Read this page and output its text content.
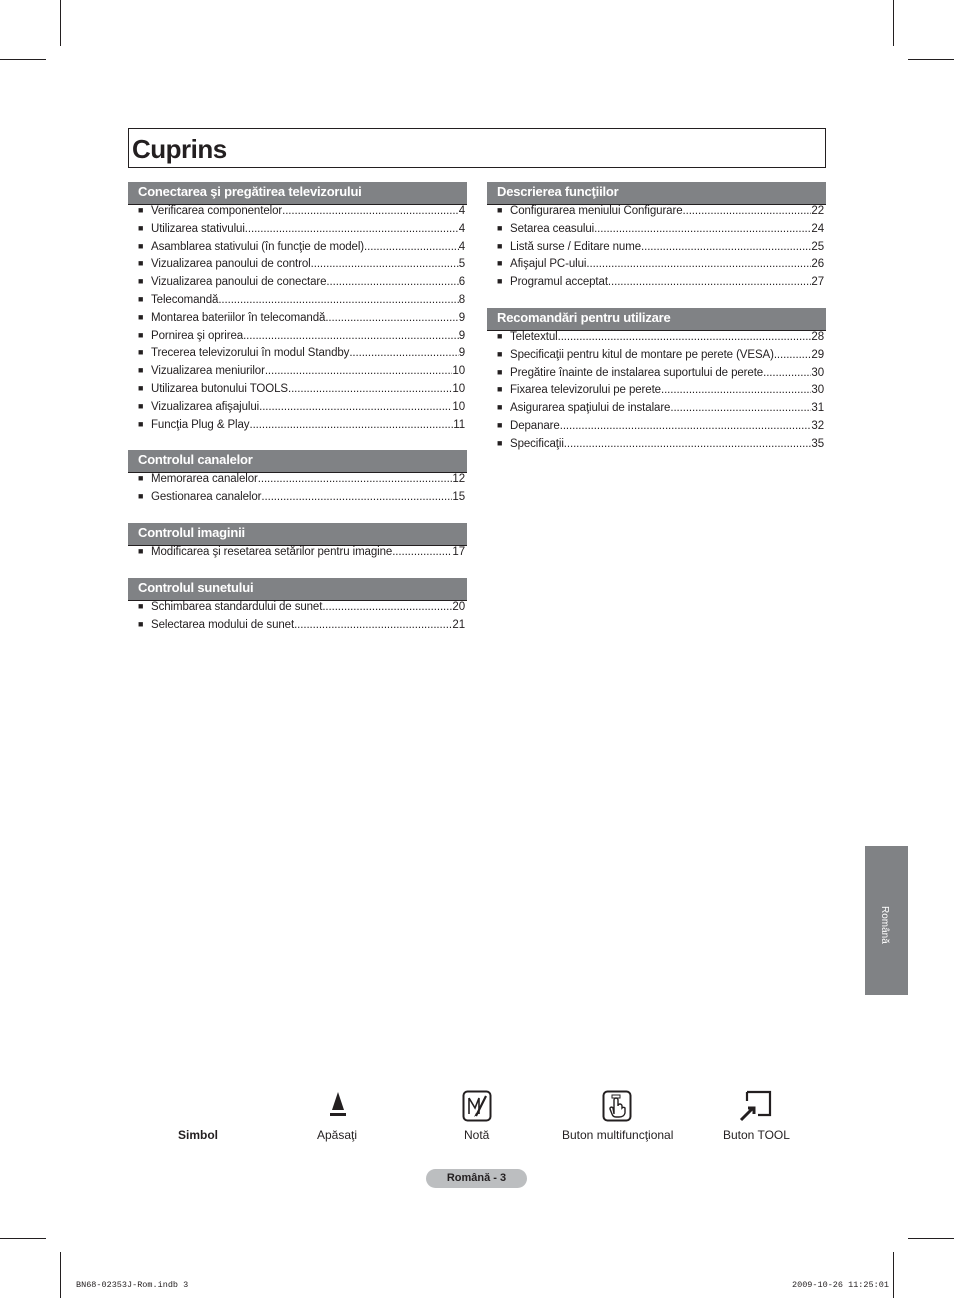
Cuprins
Conectarea şi pregătirea televizorului
■ Verificarea componentelor .....	4
■ Utilizarea stativului .....	4
■ Asamblarea stativului (în funcţie de model) .....	4
■ Vizualizarea panoului de control .....	5
■ Vizualizarea panoului de conectare .....	6
■ Telecomandă .....	8
■ Montarea bateriilor în telecomandă .....	9
■ Pornirea şi oprirea .....	9
■ Trecerea televizorului în modul Standby .....	9
■ Vizualizarea meniurilor .....	10
■ Utilizarea butonului TOOLS .....	10
■ Vizualizarea afişajului .....	10
■ Funcţia Plug & Play .....	11
Controlul canalelor
■ Memorarea canalelor .....	12
■ Gestionarea canalelor .....	15
Controlul imaginii
■ Modificarea şi resetarea setărilor pentru imagine .....	17
Controlul sunetului
■ Schimbarea standardului de sunet .....	20
■ Selectarea modului de sunet .....	21
Descrierea funcţiilor
■ Configurarea meniului Configurare .....	22
■ Setarea ceasului .....	24
■ Listă surse / Editare nume .....	25
■ Afişajul PC-ului .....	26
■ Programul acceptat .....	27
Recomandări pentru utilizare
■ Teletextul .....	28
■ Specificaţii pentru kitul de montare pe perete (VESA) .....	29
■ Pregătire înainte de instalarea suportului de perete .....	30
■ Fixarea televizorului pe perete .....	30
■ Asigurarea spaţiului de instalare .....	31
■ Depanare .....	32
■ Specificaţii .....	35
Română
Simbol	Apăsaţi	Notă	Buton multifuncţional	Buton TOOL
Română - 3
BN68-02353J-Rom.indb 3	2009-10-26 11:25:01
